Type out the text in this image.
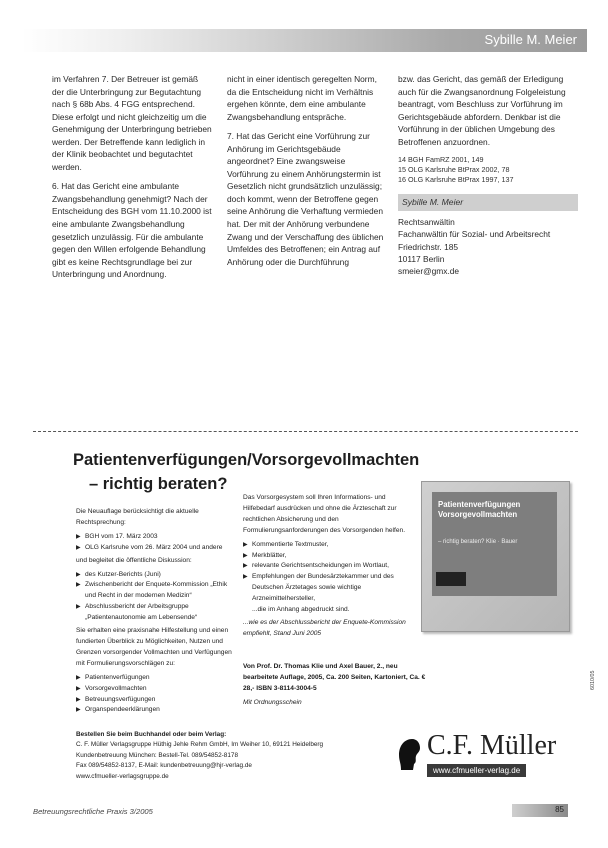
Sybille M. Meier

im Verfahren 7. Der Betreuer ist gemäß der die Unterbringung zur Begutachtung nach § 68b Abs. 4 FGG entsprechend. Diese erfolgt und nicht gleichzeitig um die Genehmigung der Unterbringung betrieben werden. Der Betreffende kann lediglich in der Klinik beobachtet und begutachtet werden.

6. Hat das Gericht eine ambulante Zwangsbehandlung genehmigt? Nach der Entscheidung des BGH vom 11.10.2000 ist eine ambulante Zwangsbehandlung gesetzlich unzulässig. Für die ambulante gegen den Willen erfolgende Behandlung gibt es keine Rechtsgrundlage bei zur Unterbringung und Anordnung.

nicht in einer identisch geregelten Norm, da die Entscheidung nicht im Verhältnis ergehen könnte, dem eine ambulante Zwangsbehandlung entspräche.

7. Hat das Gericht eine Vorführung zur Anhörung im Gerichtsgebäude angeordnet? Eine zwangsweise Vorführung zu einem Anhörungstermin ist Gesetzlich nicht grundsätzlich unzulässig; doch kommt, wenn der Betroffene gegen seine Anhörung die Verhaftung vermieden hat. Der mit der Anhörung verbundene Zwang und der Verschaffung des üblichen Umfeldes des Betroffenen; ein Antrag auf Anhörung oder die Durchführung

bzw. das Gericht, das gemäß der Erledigung auch für die Zwangsanordnung Folgeleistung beantragt, vom Beschluss zur Vorführung im Gerichtsgebäude abfordern. Denkbar ist die Vorführung in der üblichen Umgebung des Betroffenen anzuordnen.

14 BGH FamRZ 2001, 149
15 OLG Karlsruhe BtPrax 2002, 78
16 OLG Karlsruhe BtPrax 1997, 137
Sybille M. Meier
Rechtsanwältin
Fachanwältin für Sozial- und Arbeitsrecht
Friedrichstr. 185
10117 Berlin
smeier@gmx.de
Patientenverfügungen/Vorsorgevollmachten
– richtig beraten?
Die Neuauflage berücksichtigt die aktuelle Rechtsprechung:
▶ BGH vom 17. März 2003
▶ OLG Karlsruhe vom 26. März 2004 und andere
und begleitet die öffentliche Diskussion:
▶ des Kutzer-Berichts (Juni)
▶ Zwischenbericht der Enquete-Kommission „Ethik und Recht in der modernen Medizin“
▶ Abschlussbericht der Arbeitsgruppe „Patientenautonomie am Lebensende“
Sie erhalten eine praxisnahe Hilfestellung und einen fundierten Überblick zu Möglichkeiten, Nutzen und Grenzen vorsorgender Vollmachten und Verfügungen mit Formulierungsvorschlägen zu:
▶ Patientenverfügungen
▶ Vorsorgevollmachten
▶ Betreuungsverfügungen
▶ Organspendeerklärungen
Das Vorsorgesystem soll Ihren Informations- und Hilfebedarf ausdrücken und ohne die Ärzteschaft zur rechtlichen Absicherung und den Formulierungsanforderungen des Vorsorgenden helfen.
▶ Kommentierte Textmuster,
▶ Merkblätter,
▶ relevante Gerichtsentscheidungen im Wortlaut,
▶ Empfehlungen der Bundesärztekammer und des Deutschen Ärztetages sowie wichtige Arzneimittelhersteller,
...die im Anhang abgedruckt sind.
...wie es der Abschlussbericht der Enquete-Kommission empfiehlt, Stand Juni 2005
Von Prof. Dr. Thomas Klie und Axel Bauer, 2., neu bearbeitete Auflage, 2005, Ca. 200 Seiten, Kartoniert, Ca. € 28,- ISBN 3-8114-3004-5
Mit Ordnungsschein
Patientenverfügungen Vorsorgevollmachten
– richtig beraten? Klie · Bauer
Bestellen Sie beim Buchhandel oder beim Verlag:
C. F. Müller Verlagsgruppe Hüthig Jehle Rehm GmbH, Im Weiher 10, 69121 Heidelberg
Kundenbetreuung München: Bestell-Tel. 089/54852-8178
Fax 089/54852-8137, E-Mail: kundenbetreuung@hjr-verlag.de
www.cfmueller-verlagsgruppe.de
C.F. Müller
www.cfmueller-verlag.de
6010/05
Betreuungsrechtliche Praxis 3/2005	85
